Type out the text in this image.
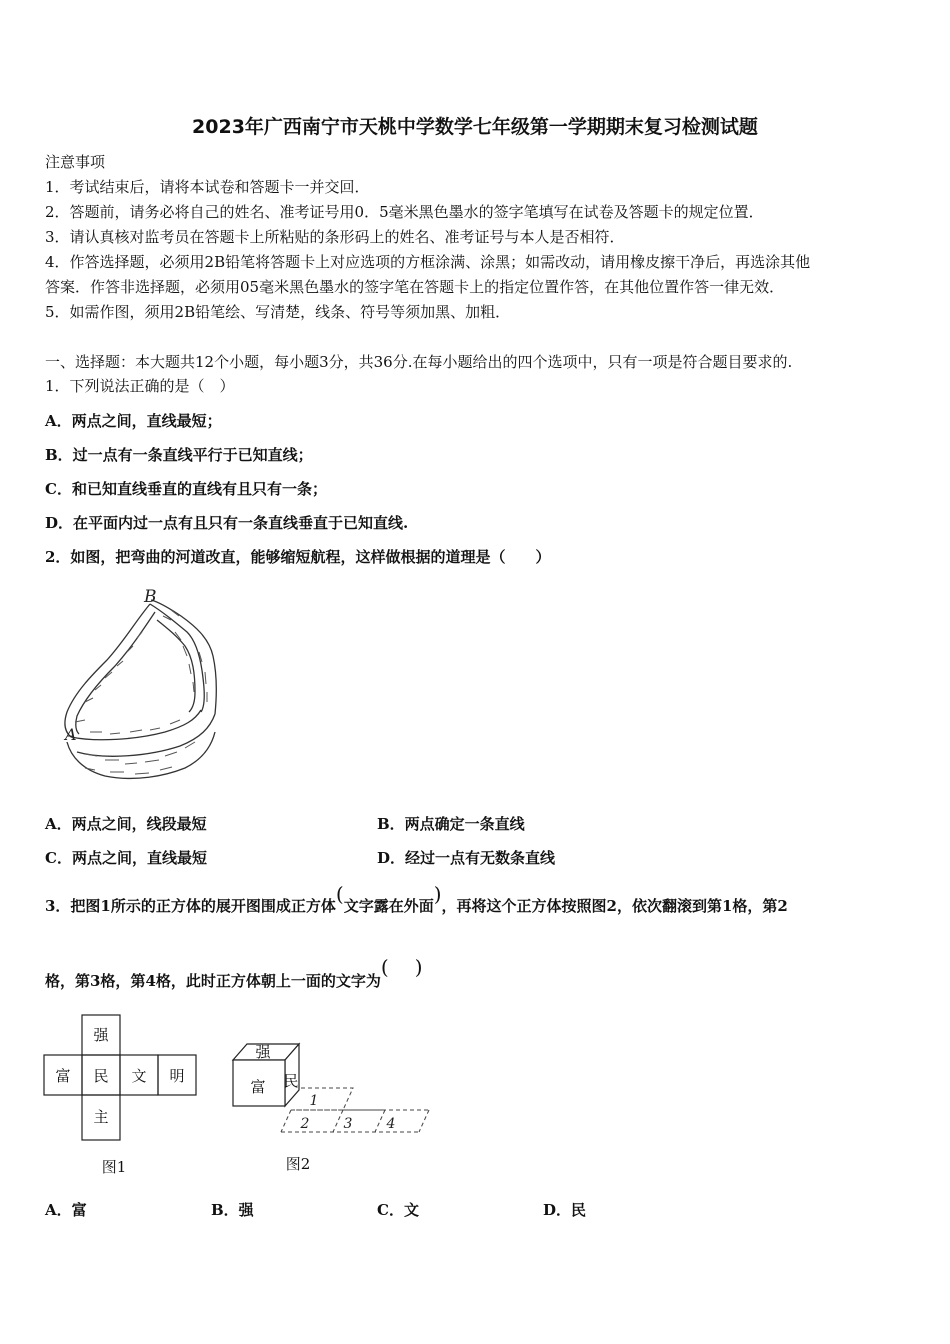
2023年广西南宁市天桃中学数学七年级第一学期期末复习检测试题
注意事项
1．考试结束后，请将本试卷和答题卡一并交回．
2．答题前，请务必将自己的姓名、准考证号用0．5毫米黑色墨水的签字笔填写在试卷及答题卡的规定位置．
3．请认真核对监考员在答题卡上所粘贴的条形码上的姓名、准考证号与本人是否相符．
4．作答选择题，必须用2B铅笔将答题卡上对应选项的方框涂满、涂黑；如需改动，请用橡皮擦干净后，再选涂其他
答案．作答非选择题，必须用05毫米黑色墨水的签字笔在答题卡上的指定位置作答，在其他位置作答一律无效．
5．如需作图，须用2B铅笔绘、写清楚，线条、符号等须加黑、加粗．
一、选择题：本大题共12个小题，每小题3分，共36分.在每小题给出的四个选项中，只有一项是符合题目要求的.
1．下列说法正确的是（　）
A．两点之间，直线最短；
B．过一点有一条直线平行于已知直线；
C．和已知直线垂直的直线有且只有一条；
D．在平面内过一点有且只有一条直线垂直于已知直线.
2．如图，把弯曲的河道改直，能够缩短航程，这样做根据的道理是（　　）
B
A
A．两点之间，线段最短	B．两点确定一条直线
C．两点之间，直线最短	D．经过一点有无数条直线
3．把图1所示的正方体的展开图围成正方体(文字露在外面)，再将这个正方体按照图2，依次翻滚到第1格，第2
格，第3格，第4格，此时正方体朝上一面的文字为( )
强
富 民 文 明
主
图1
强
富 民
1
2 3 4
图2
A．富	B．强	C．文	D．民
